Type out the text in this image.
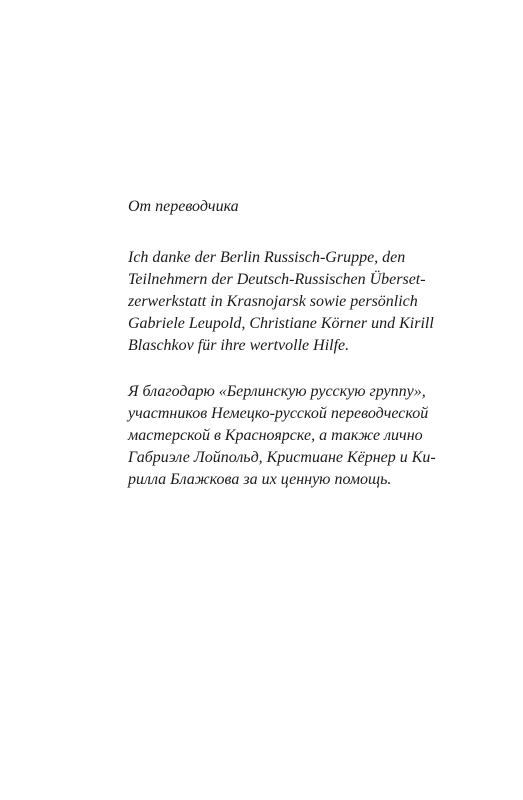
От переводчика

Ich danke der Berlin Russisch-Gruppe, den
Teilnehmern der Deutsch-Russischen Überset-
zerwerkstatt in Krasnojarsk sowie persönlich
Gabriele Leupold, Christiane Körner und Kirill
Blaschkov für ihre wertvolle Hilfe.

Я благодарю «Берлинскую русскую группу»,
участников Немецко-русской переводческой
мастерской в Красноярске, а также лично
Габриэле Лойпольд, Кристиане Кёрнер и Ки-
рилла Блажкова за их ценную помощь.
